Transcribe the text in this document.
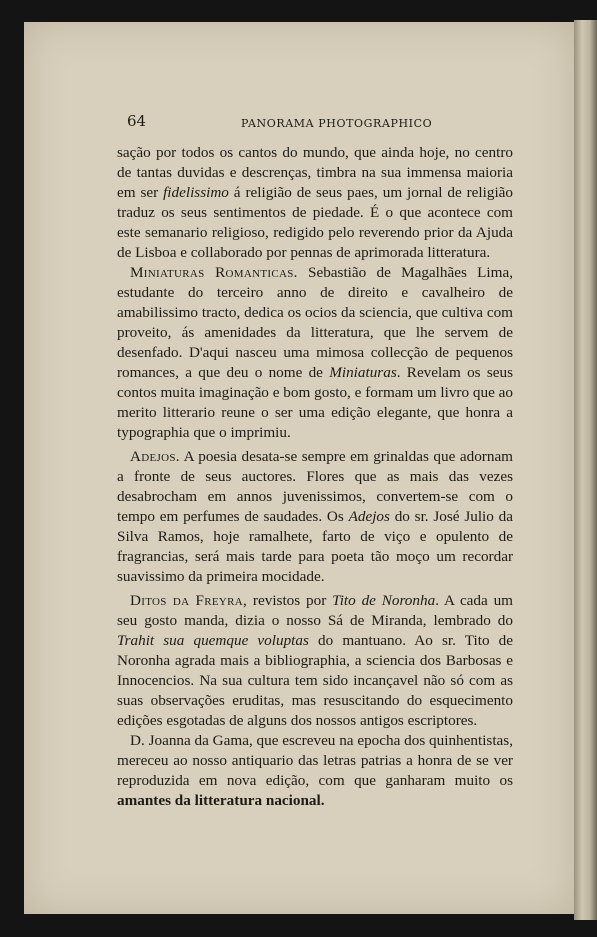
64	PANORAMA PHOTOGRAPHICO

sação por todos os cantos do mundo, que ainda hoje, no centro de tantas duvidas e descrenças, timbra na sua immensa maioria em ser fidelissimo á religião de seus paes, um jornal de religião traduz os seus sentimentos de piedade. É o que acontece com este semanario religioso, redigido pelo reverendo prior da Ajuda de Lisboa e collaborado por pennas de aprimorada litteratura.

Miniaturas Romanticas. Sebastião de Magalhães Lima, estudante do terceiro anno de direito e cavalheiro de amabilissimo tracto, dedica os ocios da sciencia, que cultiva com proveito, ás amenidades da litteratura, que lhe servem de desenfado. D'aqui nasceu uma mimosa collecção de pequenos romances, a que deu o nome de Miniaturas. Revelam os seus contos muita imaginação e bom gosto, e formam um livro que ao merito litterario reune o ser uma edição elegante, que honra a typographia que o imprimiu.

Adejos. A poesia desata-se sempre em grinaldas que adornam a fronte de seus auctores. Flores que as mais das vezes desabrocham em annos juvenissimos, convertem-se com o tempo em perfumes de saudades. Os Adejos do sr. José Julio da Silva Ramos, hoje ramalhete, farto de viço e opulento de fragrancias, será mais tarde para poeta tão moço um recordar suavissimo da primeira mocidade.

Ditos da Freyra, revistos por Tito de Noronha. A cada um seu gosto manda, dizia o nosso Sá de Miranda, lembrado do Trahit sua quemque voluptas do mantuano. Ao sr. Tito de Noronha agrada mais a bibliographia, a sciencia dos Barbosas e Innocencios. Na sua cultura tem sido incançavel não só com as suas observações eruditas, mas resuscitando do esquecimento edições esgotadas de alguns dos nossos antigos escriptores.

D. Joanna da Gama, que escreveu na epocha dos quinhentistas, mereceu ao nosso antiquario das letras patrias a honra de se ver reproduzida em nova edição, com que ganharam muito os amantes da litteratura nacional.
